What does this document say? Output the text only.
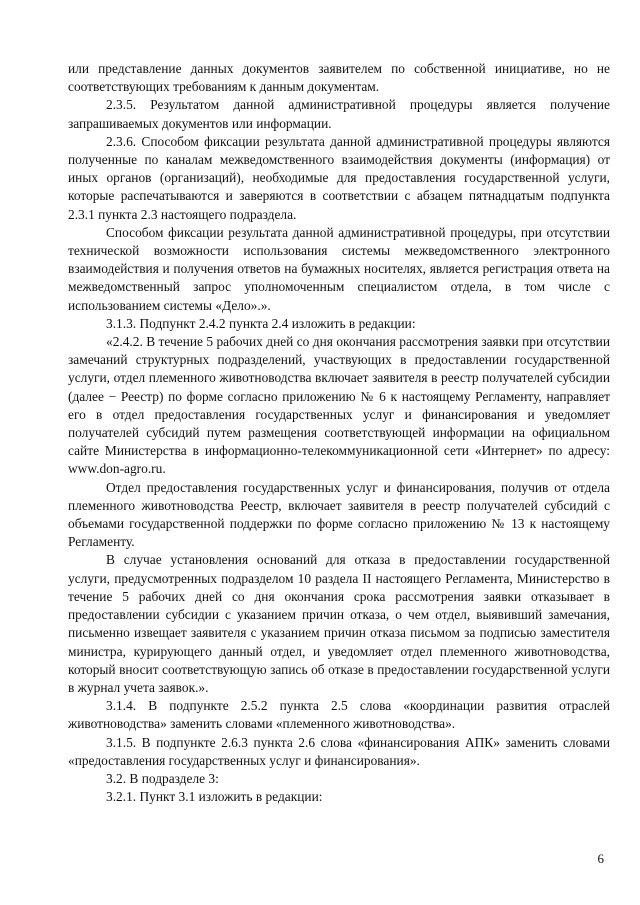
или представление данных документов заявителем по собственной инициативе, но не соответствующих требованиям к данным документам.

2.3.5. Результатом данной административной процедуры является получение запрашиваемых документов или информации.

2.3.6. Способом фиксации результата данной административной процедуры являются полученные по каналам межведомственного взаимодействия документы (информация) от иных органов (организаций), необходимые для предоставления государственной услуги, которые распечатываются и заверяются в соответствии с абзацем пятнадцатым подпункта 2.3.1 пункта 2.3 настоящего подраздела.

Способом фиксации результата данной административной процедуры, при отсутствии технической возможности использования системы межведомственного электронного взаимодействия и получения ответов на бумажных носителях, является регистрация ответа на межведомственный запрос уполномоченным специалистом отдела, в том числе с использованием системы «Дело».».

3.1.3. Подпункт 2.4.2 пункта 2.4 изложить в редакции:

«2.4.2. В течение 5 рабочих дней со дня окончания рассмотрения заявки при отсутствии замечаний структурных подразделений, участвующих в предоставлении государственной услуги, отдел племенного животноводства включает заявителя в реестр получателей субсидии (далее − Реестр) по форме согласно приложению № 6 к настоящему Регламенту, направляет его в отдел предоставления государственных услуг и финансирования и уведомляет получателей субсидий путем размещения соответствующей информации на официальном сайте Министерства в информационно-телекоммуникационной сети «Интернет» по адресу: www.don-agro.ru.

Отдел предоставления государственных услуг и финансирования, получив от отдела племенного животноводства Реестр, включает заявителя в реестр получателей субсидий с объемами государственной поддержки по форме согласно приложению № 13 к настоящему Регламенту.

В случае установления оснований для отказа в предоставлении государственной услуги, предусмотренных подразделом 10 раздела II настоящего Регламента, Министерство в течение 5 рабочих дней со дня окончания срока рассмотрения заявки отказывает в предоставлении субсидии с указанием причин отказа, о чем отдел, выявивший замечания, письменно извещает заявителя с указанием причин отказа письмом за подписью заместителя министра, курирующего данный отдел, и уведомляет отдел племенного животноводства, который вносит соответствующую запись об отказе в предоставлении государственной услуги в журнал учета заявок.».

3.1.4. В подпункте 2.5.2 пункта 2.5 слова «координации развития отраслей животноводства» заменить словами «племенного животноводства».

3.1.5. В подпункте 2.6.3 пункта 2.6 слова «финансирования АПК» заменить словами «предоставления государственных услуг и финансирования».

3.2. В подразделе 3:

3.2.1. Пункт 3.1 изложить в редакции:

6
